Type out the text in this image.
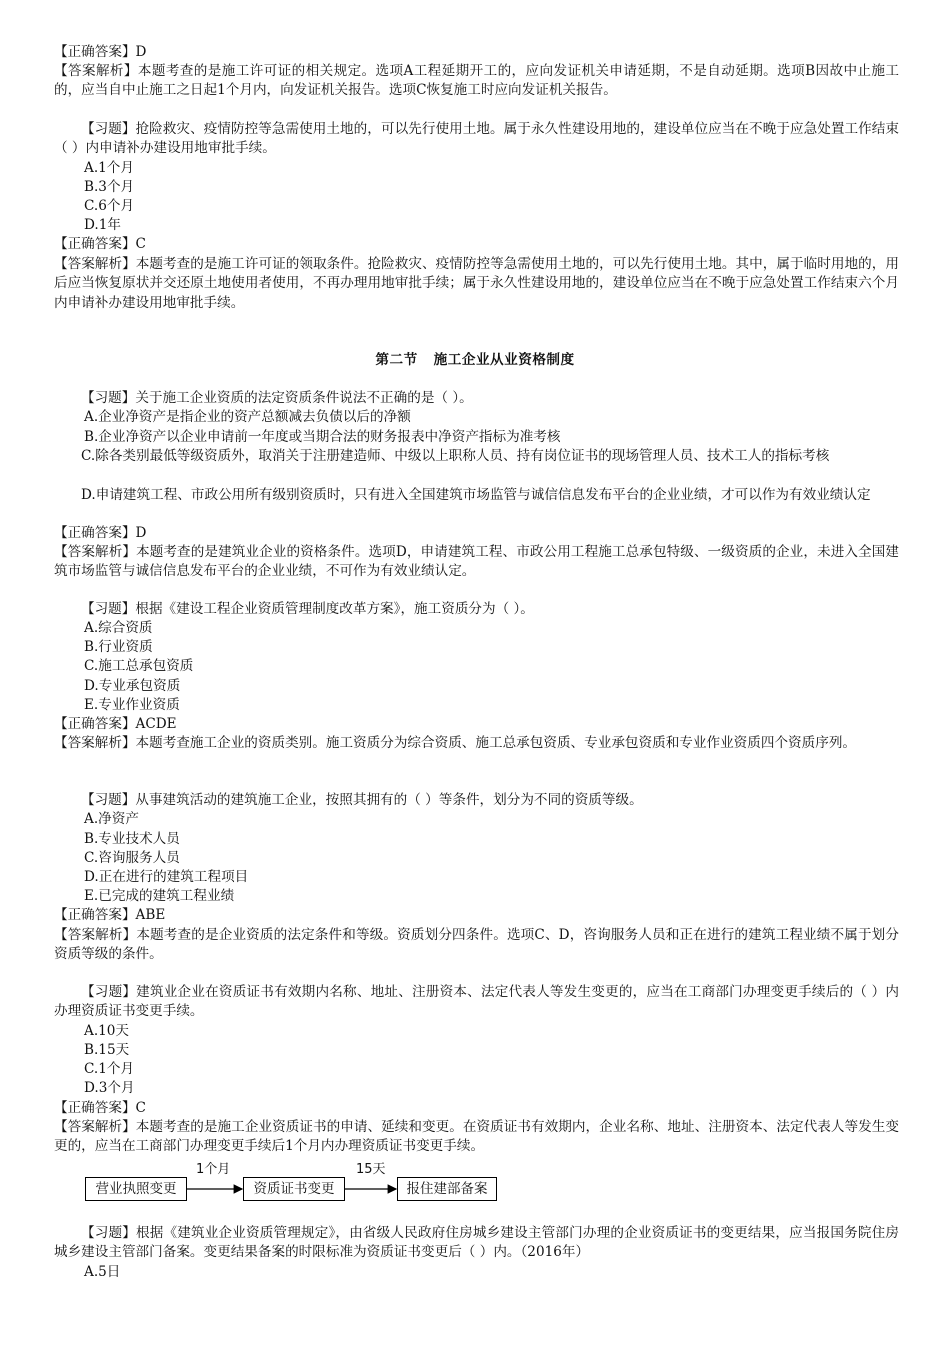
【正确答案】D

【答案解析】本题考查的是施工许可证的相关规定。选项A工程延期开工的，应向发证机关申请延期，不是自动延期。选项B因故中止施工的，应当自中止施工之日起1个月内，向发证机关报告。选项C恢复施工时应向发证机关报告。

【习题】抢险救灾、疫情防控等急需使用土地的，可以先行使用土地。属于永久性建设用地的，建设单位应当在不晚于应急处置工作结束（ ）内申请补办建设用地审批手续。

A.1个月

B.3个月

C.6个月

D.1年

【正确答案】C

【答案解析】本题考查的是施工许可证的领取条件。抢险救灾、疫情防控等急需使用土地的，可以先行使用土地。其中，属于临时用地的，用后应当恢复原状并交还原土地使用者使用，不再办理用地审批手续；属于永久性建设用地的，建设单位应当在不晚于应急处置工作结束六个月内申请补办建设用地审批手续。

第二节 施工企业从业资格制度

【习题】关于施工企业资质的法定资质条件说法不正确的是（ ）。

A.企业净资产是指企业的资产总额减去负债以后的净额

B.企业净资产以企业申请前一年度或当期合法的财务报表中净资产指标为准考核

C.除各类别最低等级资质外，取消关于注册建造师、中级以上职称人员、持有岗位证书的现场管理人员、技术工人的指标考核

D.申请建筑工程、市政公用所有级别资质时，只有进入全国建筑市场监管与诚信信息发布平台的企业业绩，才可以作为有效业绩认定

【正确答案】D

【答案解析】本题考查的是建筑业企业的资格条件。选项D，申请建筑工程、市政公用工程施工总承包特级、一级资质的企业，未进入全国建筑市场监管与诚信信息发布平台的企业业绩，不可作为有效业绩认定。

【习题】根据《建设工程企业资质管理制度改革方案》，施工资质分为（ ）。

A.综合资质

B.行业资质

C.施工总承包资质

D.专业承包资质

E.专业作业资质

【正确答案】ACDE

【答案解析】本题考查施工企业的资质类别。施工资质分为综合资质、施工总承包资质、专业承包资质和专业作业资质四个资质序列。

【习题】从事建筑活动的建筑施工企业，按照其拥有的（ ）等条件，划分为不同的资质等级。

A.净资产

B.专业技术人员

C.咨询服务人员

D.正在进行的建筑工程项目

E.已完成的建筑工程业绩

【正确答案】ABE

【答案解析】本题考查的是企业资质的法定条件和等级。资质划分四条件。选项C、D，咨询服务人员和正在进行的建筑工程业绩不属于划分资质等级的条件。

【习题】建筑业企业在资质证书有效期内名称、地址、注册资本、法定代表人等发生变更的，应当在工商部门办理变更手续后的（ ）内办理资质证书变更手续。

A.10天

B.15天

C.1个月

D.3个月

【正确答案】C

【答案解析】本题考查的是施工企业资质证书的申请、延续和变更。在资质证书有效期内，企业名称、地址、注册资本、法定代表人等发生变更的，应当在工商部门办理变更手续后1个月内办理资质证书变更手续。

营业执照变更
1个月
资质证书变更
15天
报住建部备案

【习题】根据《建筑业企业资质管理规定》，由省级人民政府住房城乡建设主管部门办理的企业资质证书的变更结果，应当报国务院住房城乡建设主管部门备案。变更结果备案的时限标准为资质证书变更后（ ）内。（2016年）

A.5日
